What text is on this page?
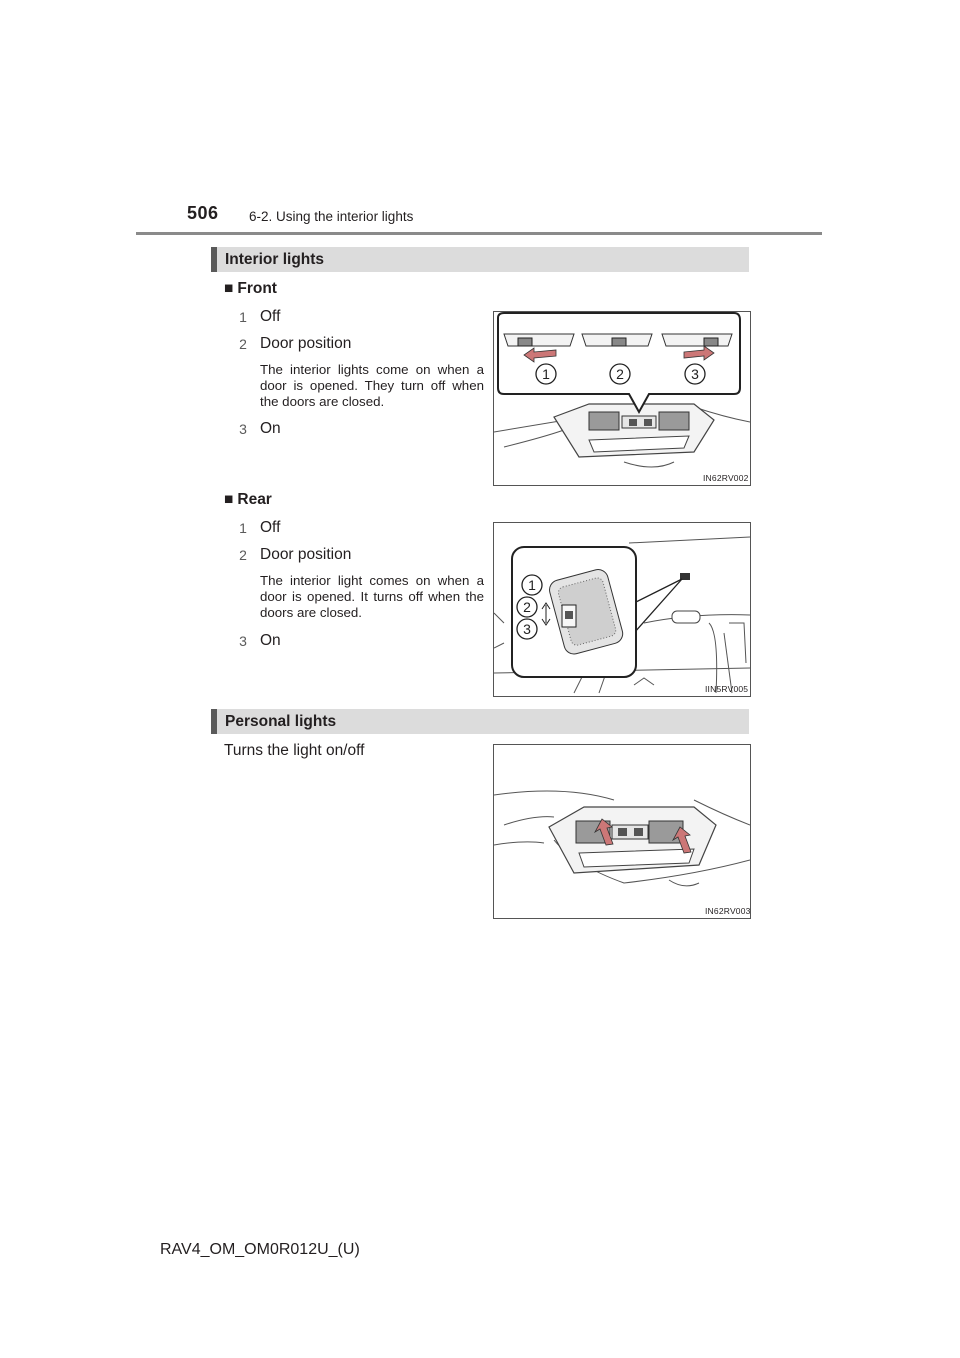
506 6-2. Using the interior lights
Interior lights
■ Front
1 Off
2 Door position
The interior lights come on when a door is opened. They turn off when the doors are closed.
3 On
1	2	3
IN62RV002
■ Rear
1 Off
2 Door position
The interior light comes on when a door is opened. It turns off when the doors are closed.
3 On
1
2
3
IIN5RV005
Personal lights
Turns the light on/off
IN62RV003
RAV4_OM_OM0R012U_(U)
